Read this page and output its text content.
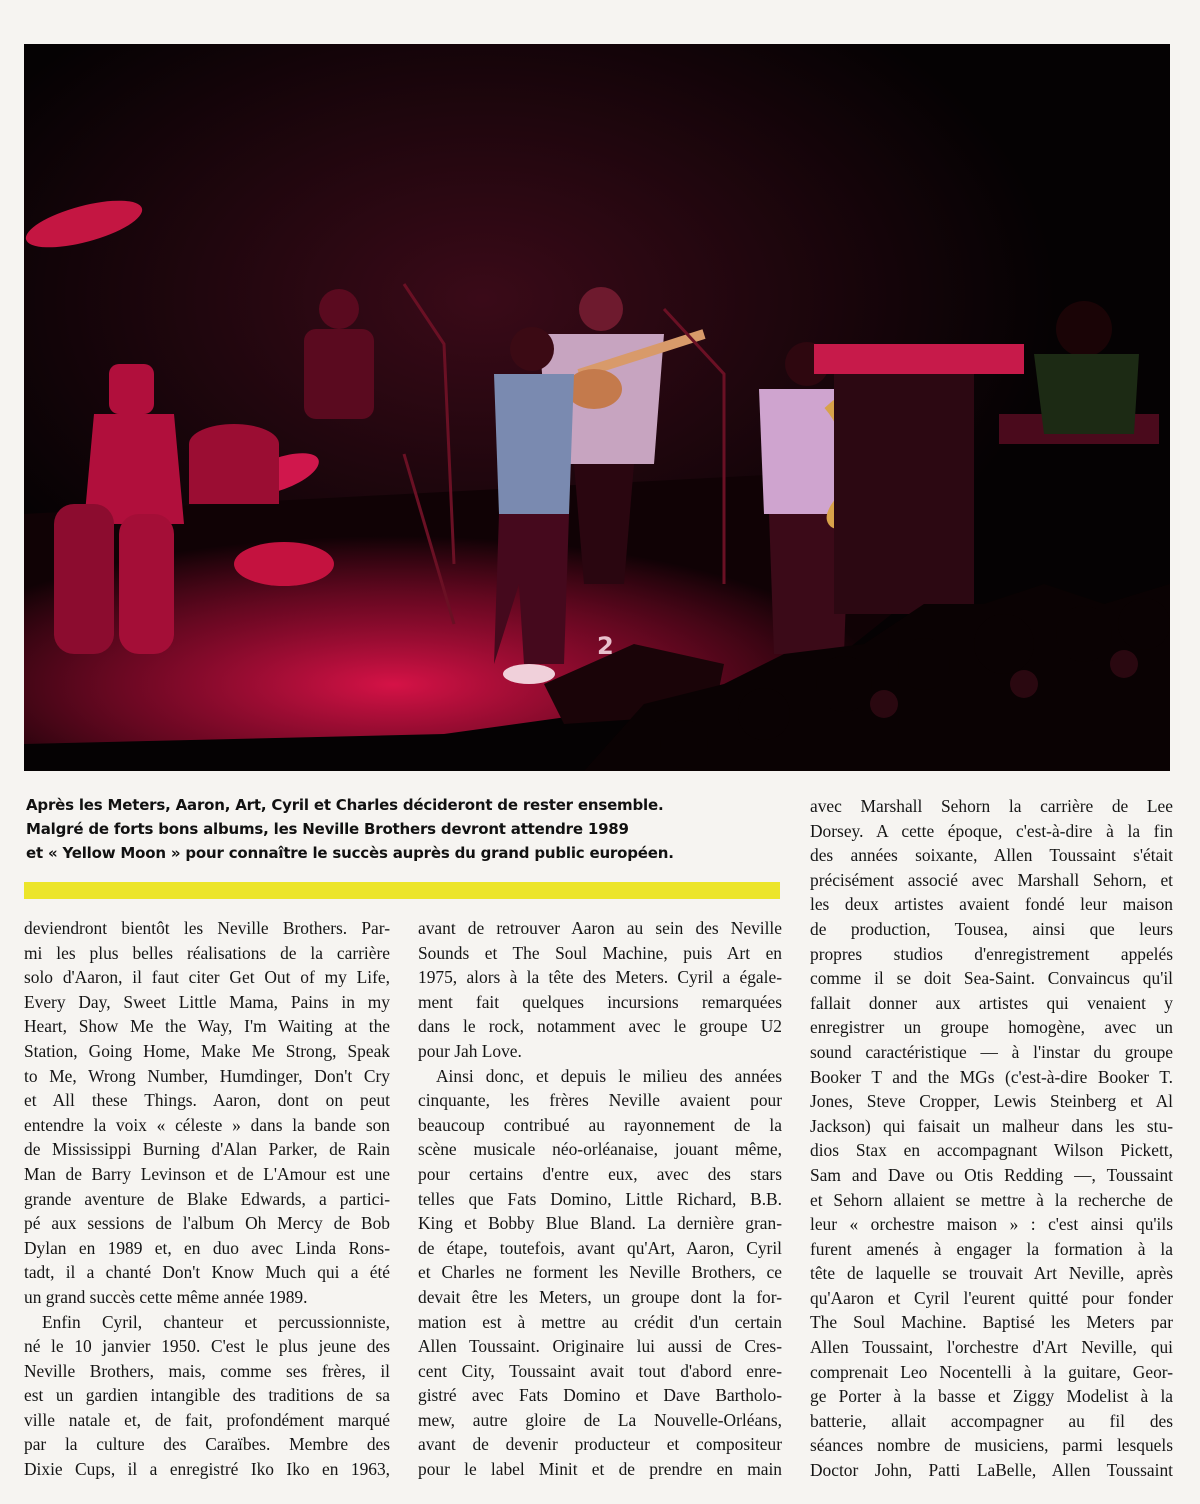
2
Après les Meters, Aaron, Art, Cyril et Charles décideront de rester ensemble.
Malgré de forts bons albums, les Neville Brothers devront attendre 1989
et « Yellow Moon » pour connaître le succès auprès du grand public européen.
deviendront bientôt les Neville Brothers. Par-
mi les plus belles réalisations de la carrière
solo d'Aaron, il faut citer Get Out of my Life,
Every Day, Sweet Little Mama, Pains in my
Heart, Show Me the Way, I'm Waiting at the
Station, Going Home, Make Me Strong, Speak
to Me, Wrong Number, Humdinger, Don't Cry
et All these Things. Aaron, dont on peut
entendre la voix « céleste » dans la bande son
de Mississippi Burning d'Alan Parker, de Rain
Man de Barry Levinson et de L'Amour est une
grande aventure de Blake Edwards, a partici-
pé aux sessions de l'album Oh Mercy de Bob
Dylan en 1989 et, en duo avec Linda Rons-
tadt, il a chanté Don't Know Much qui a été
un grand succès cette même année 1989.
Enfin Cyril, chanteur et percussionniste,
né le 10 janvier 1950. C'est le plus jeune des
Neville Brothers, mais, comme ses frères, il
est un gardien intangible des traditions de sa
ville natale et, de fait, profondément marqué
par la culture des Caraïbes. Membre des
Dixie Cups, il a enregistré Iko Iko en 1963,
avant de retrouver Aaron au sein des Neville
Sounds et The Soul Machine, puis Art en
1975, alors à la tête des Meters. Cyril a égale-
ment fait quelques incursions remarquées
dans le rock, notamment avec le groupe U2
pour Jah Love.
Ainsi donc, et depuis le milieu des années
cinquante, les frères Neville avaient pour
beaucoup contribué au rayonnement de la
scène musicale néo-orléanaise, jouant même,
pour certains d'entre eux, avec des stars
telles que Fats Domino, Little Richard, B.B.
King et Bobby Blue Bland. La dernière gran-
de étape, toutefois, avant qu'Art, Aaron, Cyril
et Charles ne forment les Neville Brothers, ce
devait être les Meters, un groupe dont la for-
mation est à mettre au crédit d'un certain
Allen Toussaint. Originaire lui aussi de Cres-
cent City, Toussaint avait tout d'abord enre-
gistré avec Fats Domino et Dave Bartholo-
mew, autre gloire de La Nouvelle-Orléans,
avant de devenir producteur et compositeur
pour le label Minit et de prendre en main
avec Marshall Sehorn la carrière de Lee
Dorsey. A cette époque, c'est-à-dire à la fin
des années soixante, Allen Toussaint s'était
précisément associé avec Marshall Sehorn, et
les deux artistes avaient fondé leur maison
de production, Tousea, ainsi que leurs
propres studios d'enregistrement appelés
comme il se doit Sea-Saint. Convaincus qu'il
fallait donner aux artistes qui venaient y
enregistrer un groupe homogène, avec un
sound caractéristique — à l'instar du groupe
Booker T and the MGs (c'est-à-dire Booker T.
Jones, Steve Cropper, Lewis Steinberg et Al
Jackson) qui faisait un malheur dans les stu-
dios Stax en accompagnant Wilson Pickett,
Sam and Dave ou Otis Redding —, Toussaint
et Sehorn allaient se mettre à la recherche de
leur « orchestre maison » : c'est ainsi qu'ils
furent amenés à engager la formation à la
tête de laquelle se trouvait Art Neville, après
qu'Aaron et Cyril l'eurent quitté pour fonder
The Soul Machine. Baptisé les Meters par
Allen Toussaint, l'orchestre d'Art Neville, qui
comprenait Leo Nocentelli à la guitare, Geor-
ge Porter à la basse et Ziggy Modelist à la
batterie, allait accompagner au fil des
séances nombre de musiciens, parmi lesquels
Doctor John, Patti LaBelle, Allen Toussaint
